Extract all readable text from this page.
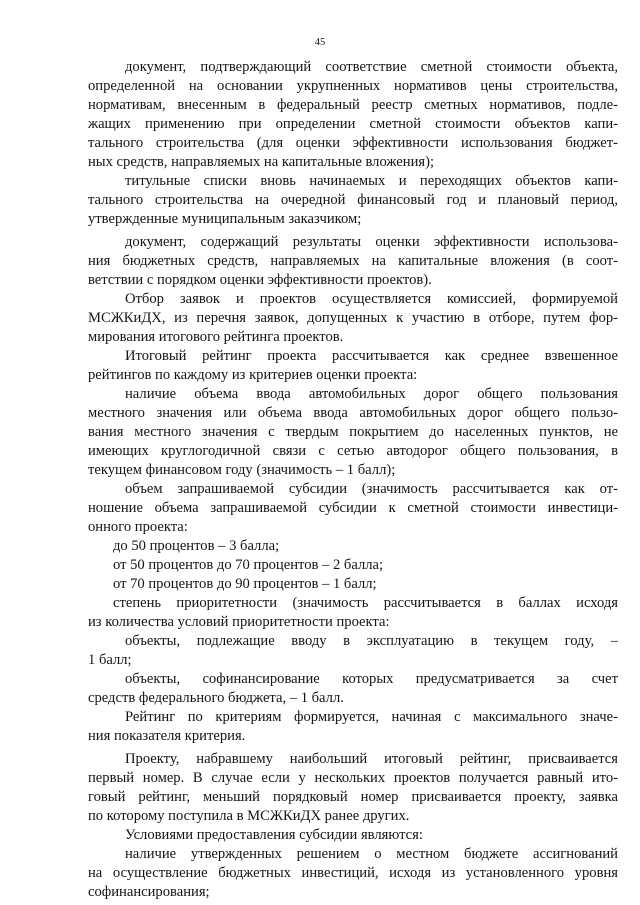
45
документ, подтверждающий соответствие сметной стоимости объекта,
определенной на основании укрупненных нормативов цены строительства,
нормативам, внесенным в федеральный реестр сметных нормативов, подле-
жащих применению при определении сметной стоимости объектов капи-
тального строительства (для оценки эффективности использования бюджет-
ных средств, направляемых на капитальные вложения);
титульные списки вновь начинаемых и переходящих объектов капи-
тального строительства на очередной финансовый год и плановый период,
утвержденные муниципальным заказчиком;
документ, содержащий результаты оценки эффективности использова-
ния бюджетных средств, направляемых на капитальные вложения (в соот-
ветствии с порядком оценки эффективности проектов).
Отбор заявок и проектов осуществляется комиссией, формируемой
МСЖКиДХ, из перечня заявок, допущенных к участию в отборе, путем фор-
мирования итогового рейтинга проектов.
Итоговый рейтинг проекта рассчитывается как среднее взвешенное
рейтингов по каждому из критериев оценки проекта:
наличие объема ввода автомобильных дорог общего пользования
местного значения или объема ввода автомобильных дорог общего пользо-
вания местного значения с твердым покрытием до населенных пунктов, не
имеющих круглогодичной связи с сетью автодорог общего пользования, в
текущем финансовом году (значимость – 1 балл);
объем запрашиваемой субсидии (значимость рассчитывается как от-
ношение объема запрашиваемой субсидии к сметной стоимости инвестици-
онного проекта:
до 50 процентов – 3 балла;
от 50 процентов до 70 процентов – 2 балла;
от 70 процентов до 90 процентов – 1 балл;
степень приоритетности (значимость рассчитывается в баллах исходя
из количества условий приоритетности проекта:
объекты, подлежащие вводу в эксплуатацию в текущем году, –
1 балл;
объекты, софинансирование которых предусматривается за счет
средств федерального бюджета, – 1 балл.
Рейтинг по критериям формируется, начиная с максимального значе-
ния показателя критерия.
Проекту, набравшему наибольший итоговый рейтинг, присваивается
первый номер. В случае если у нескольких проектов получается равный ито-
говый рейтинг, меньший порядковый номер присваивается проекту, заявка
по которому поступила в МСЖКиДХ ранее других.
Условиями предоставления субсидии являются:
наличие утвержденных решением о местном бюджете ассигнований
на осуществление бюджетных инвестиций, исходя из установленного уровня
софинансирования;
